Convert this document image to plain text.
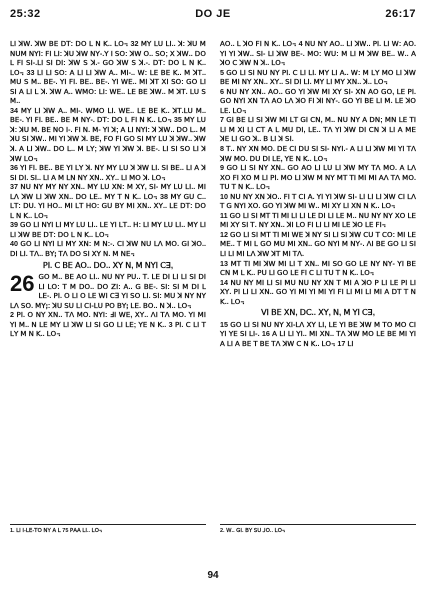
25:32	DO JE	26:17

ꓡꓲ ꓘꓪ. ꓘꓪ ꓐꓰ ꓓꓔ: ꓓꓳ ꓡ ꓠ ꓗ.. ꓡꓳ꓾ 32 ꓟꓬ ꓡꓴ ꓡꓲ.. ꓘ: ꓘꓴ ꓟ ꓠꓴꓟ ꓠꓬꓲ: ꓝꓲ ꓡꓲ: ꓘꓴ ꓘꓪ ꓠꓬ-.ꓬ ꓲ ꓢꓳ: ꓘꓪ ꓳ.. ꓢꓳ; ꓫ ꓘꓪ.. ꓓꓳ ꓡ ꓝꓲ ꓢꓲ-.ꓡꓲ ꓢꓲ ꓓꓲ: ꓘꓪ ꓢ ꓘ.- ꓖꓳ ꓘꓪ ꓢ ꓘ.-. ꓓꓔ: ꓓꓳ ꓡ ꓠ ꓗ.. ꓡꓳ꓾ 33 ꓡꓲ ꓡꓲ ꓢꓳ: ꓮ ꓡꓲ ꓡꓲ ꓘꓪ ꓮ.. ꓟꓲ-.. ꓪ: ꓡꓰ ꓐꓰ ꓗ.. ꓟ ꓘꓔ.. ꓟꓴ ꓢ ꓟ.. ꓐꓰ-. ꓬꓲ ꓝꓲ. ꓐꓰ.. ꓐꓰ-. ꓬꓲ ꓪꓰ.. ꓟꓲ ꓘꓔ ꓫꓲ ꓢꓳ: ꓖꓳ ꓡꓲ ꓢꓲ ꓮ ꓡꓲ ꓡ ꓘ. ꓘꓪ ꓮ.. ꓪꓟꓳ: ꓡꓲ: ꓪꓰ.. ꓡꓰ ꓐꓰ ꓘꓪ.. ꓟ ꓘꓔ. ꓡꓴ ꓢ ꓟ..

34 ꓟꓬ ꓡꓲ ꓘꓪ ꓮ.. ꓟꓲ-. ꓪꓟꓳ ꓡꓲ. ꓪꓰ.. ꓡꓰ ꓐꓰ ꓗ.. ꓘꓔ.ꓡꓴ ꓟ.. ꓐꓰ-. ꓬꓲ ꓝꓲ. ꓐꓰ.. ꓐꓰ ꓟ ꓠꓬ-. ꓓꓔ: ꓓꓳ ꓡ ꓝꓲ ꓠ ꓗ.. ꓡꓳ꓾ 35 ꓟꓬ ꓡꓴ ꓘ: ꓘꓴ ꓟ. ꓐꓰ ꓠꓳ ꓲ-. ꓝꓲ ꓠ. ꓟ- ꓬꓲ ꓘ; ꓮ ꓡꓲ ꓠꓬꓲ: ꓘ ꓘꓪ.. ꓓꓳ ꓡ.. ꓟ ꓘꓴ ꓢꓲ ꓘꓪ.. ꓟꓲ ꓬꓲ ꓘꓪ ꓘ. ꓐꓰ, ꓝꓳ ꓝꓲ ꓖꓳ ꓢꓲ ꓟꓬ ꓡꓴ ꓘ ꓘꓪ.. ꓘꓪ ꓘ. ꓮ ꓡꓲ ꓘꓪ.. ꓓꓳ ꓡ.. ꓟ ꓡꓬ; ꓘꓪ ꓬꓲ ꓘꓪ ꓘ. ꓐꓰ-. ꓡꓲ ꓢꓲ ꓢꓳ ꓡꓲ ꓘ ꓘꓪ ꓡꓳ꓾

36 ꓬꓲ ꓝꓲ. ꓐꓰ.. ꓐꓰ ꓬꓲ ꓡꓬ ꓘ. ꓠꓬ ꓟꓬ ꓡꓴ ꓘ ꓘꓪ ꓡꓲ. ꓢꓲ ꓐꓰ.. ꓡꓲ ꓮ ꓘ ꓢꓲ ꓓꓲ. ꓢꓲ.. ꓡꓲ ꓮ ꓟ ꓡꓠ ꓠꓬ ꓫꓠ.. ꓫꓬ.. ꓡꓲ ꓟꓳ ꓘ. ꓡꓳ꓾

37 ꓠꓴ ꓠꓬ ꓟꓬ ꓠꓬ ꓫꓠ.. ꓟꓬ ꓡꓴ ꓫꓠ: ꓟ ꓫꓬ, ꓢꓲ- ꓟꓬ ꓡꓴ ꓡꓲ.. ꓟꓲ ꓡꓥ ꓘꓪ ꓡꓲ ꓘꓪ ꓫꓠ.. ꓓꓳ ꓡꓰ.. ꓟꓬ ꓔ ꓠ ꓗ.. ꓡꓳ꓾ 38 ꓟꓬ ꓖꓴ ꓚ.. ꓡꓔ: ꓓꓴ. ꓬꓲ ꓧꓳ.. ꓟꓲ ꓡꓔ ꓧꓳ: ꓖꓴ ꓐꓬ ꓟꓲ ꓫꓠ.. ꓫꓬ.. ꓡꓰ ꓓꓔ: ꓓꓳ ꓡ ꓠ ꓗ.. ꓡꓳ꓾

39 ꓖꓳ ꓡꓲ ꓠꓬꓲ ꓡꓲ ꓟꓬ ꓡꓴ ꓡꓲ.. ꓡꓰ ꓬꓲ ꓡꓔ.. ꓧ: ꓡꓲ ꓟꓬ ꓡꓴ ꓡꓲ.. ꓟꓬ ꓡꓲ ꓡꓲ ꓘꓪ ꓐꓰ ꓓꓔ: ꓓꓳ ꓡ ꓠ ꓗ.. ꓡꓳ꓾

40 ꓖꓳ ꓡꓲ ꓠꓬꓲ ꓡꓲ ꓟꓬ ꓫꓠ: ꓟ ꓠ:-. ꓚꓲ ꓘꓪ ꓠꓴ ꓡꓥ ꓟꓳ. ꓖꓲ ꓘꓳ.. ꓓꓲ ꓡꓲ. ꓔꓥ.. ꓐꓬꓼ ꓔꓥ ꓓꓳ ꓢꓲ ꓫꓬ ꓠ. ꓟ ꓠꓰ꓾

ꓑꓲ. ꓚ ꓐꓰ ꓮꓳ.. ꓓꓳ.. ꓫꓬ ꓠ, ꓟ ꓠꓬꓲ ꓚꓱ,

26 ꓖꓳ ꓟ.. ꓐꓰ ꓮꓳ ꓡꓲ.. ꓠꓴ ꓠꓬ ꓑꓴ.. ꓔ. ꓡꓰ ꓓꓲ ꓡꓲ ꓡꓲ ꓢꓲ ꓓꓲ ꓡꓲ ꓡꓳ: ꓔ ꓟ ꓓꓳ.. ꓓꓳ ꓜꓲ: ꓮ.. ꓖ ꓐꓰ-. ꓢꓲ: ꓢꓲ ꓟ ꓓꓲ ꓡ ꓡꓰ-. ꓑꓲ. ꓳ ꓡꓲ ꓳ ꓡꓰ ꓪꓲ ꓚꓱ ꓬꓲ ꓢꓳ ꓡꓲ. ꓢꓲ: ꓟꓴ ꓘ ꓠꓬ ꓠꓬ ꓡꓥ ꓢꓳ. ꓟꓬꓼ: ꓘꓴ ꓢꓴ ꓡꓲ ꓚꓲ-ꓡꓴ ꓑꓳ ꓐꓬꓼ ꓡꓰ. ꓐꓳ.. ꓠ ꓘ.. ꓡꓳ꓾

2 ꓑꓲ. ꓳ ꓠꓬ ꓫꓠ.. ꓔꓥ ꓟꓳ. ꓠꓬꓲ: ꓞꓲ ꓪꓰ, ꓫꓬ.. ꓥꓲ ꓔꓥ ꓟꓳ. ꓬꓲ ꓟꓲ ꓬꓲ ꓟ.. ꓠ ꓡꓰ ꓟꓬ ꓡꓲ ꓘꓪ ꓡꓲ ꓢꓲ ꓖꓳ ꓡꓲ ꓡꓰ; ꓬꓰ ꓠ ꓗ.. 3 ꓑꓲ. ꓚ ꓡꓲ ꓔ ꓡꓬ ꓟ ꓠ ꓗ.. ꓡꓳ꓾

ꓮꓳ.. ꓡ ꓘꓳ ꓝꓲ ꓠ ꓗ.. ꓡꓳ꓾ 4 ꓠꓴ ꓠꓬ ꓮꓳ.. ꓡꓲ ꓘꓪ.. ꓑꓲ. ꓡꓲ ꓪ: ꓮꓳ. ꓬꓲ ꓬꓲ ꓘꓪ.. ꓢꓲ- ꓡꓲ ꓘꓪ ꓐꓰ-. ꓟꓳ: ꓪꓴ: ꓟ ꓡꓲ ꓟ ꓘꓪ ꓐꓰ.. ꓪ.. ꓮ ꓘꓳ ꓚ ꓘꓪ ꓠ ꓘ.. ꓡꓳ꓾

5 ꓖꓳ ꓡꓲ ꓢꓲ ꓠꓴ ꓠꓬ ꓑꓲ. ꓚ ꓡꓲ ꓡꓲ. ꓟꓬ ꓡꓲ ꓮ.. ꓪ: ꓟ ꓡꓬ ꓟꓳ ꓡꓲ ꓘꓪ ꓐꓰ ꓟꓲ ꓠꓬ ꓫꓠ.. ꓫꓬ.. ꓢꓲ ꓓꓲ ꓡꓲ. ꓟꓬ ꓡꓲ ꓟꓬ ꓫꓠ.. ꓘ.. ꓡꓳ꓾

6 ꓠꓴ ꓠꓬ ꓫꓠ.. ꓮꓳ.. ꓖꓳ ꓬꓲ ꓘꓪ ꓟꓲ ꓫꓬ ꓢꓲ- ꓫꓠ ꓮꓳ ꓖꓳ, ꓡꓰ ꓑꓲ. ꓖꓳ ꓠꓬꓲ ꓫꓠ ꓔꓥ ꓮꓳ ꓡꓥ ꓘꓳ ꓝꓲ ꓘꓲ ꓠꓬ-. ꓖꓳ ꓬꓲ ꓐꓰ ꓡꓲ ꓟ. ꓡꓰ ꓘꓳ ꓡꓰ. ꓡꓳ꓾

7 ꓖꓲ ꓐꓰ ꓡꓲ ꓢꓲ ꓘꓪ ꓟꓲ ꓡꓔ ꓖꓲ ꓚꓠ, ꓟ.. ꓠꓴ ꓠꓬ ꓮ ꓓꓠ; ꓟꓠ ꓡꓰ ꓔꓲ ꓡꓲ ꓟ ꓫꓲ ꓡꓲ ꓚꓔ ꓮ ꓡ ꓟꓴ ꓓꓲ, ꓡꓰ.. ꓔꓥ ꓬꓲ ꓘꓪ ꓓꓲ ꓚꓠ ꓘ ꓡꓲ ꓮ ꓟꓰ ꓘꓰ ꓡꓲ ꓖꓳ ꓘ.. ꓐ ꓡꓲ ꓘ ꓢꓲ.

8 ꓔ.. ꓠꓬ ꓫꓠ ꓟꓳ. ꓓꓰ ꓚꓲ ꓓꓴ ꓢꓲ ꓢꓲ- ꓠꓬꓲ.- ꓮ ꓡꓲ ꓡꓲ ꓘꓪ ꓟꓲ ꓬꓲ ꓔꓥ ꓘꓪ ꓟꓳ. ꓓꓴ ꓓꓲ ꓡꓰ, ꓬꓰ ꓠ ꓗ.. ꓡꓳ꓾

9 ꓖꓳ ꓡꓲ ꓢꓲ ꓠꓬ ꓫꓠ.. ꓖꓳ ꓮꓳ ꓡꓲ ꓡꓴ ꓡꓲ ꓘꓪ ꓟꓬ ꓔꓥ ꓟꓳ. ꓮ ꓡꓥ ꓫꓳ ꓝꓲ ꓫꓳ ꓟ ꓡꓲ ꓑꓲ. ꓟꓳ ꓡꓲ ꓘꓪ ꓟ ꓠꓬ ꓟꓔ ꓔꓲ ꓟꓲ ꓟꓲ ꓮꓥ ꓔꓥ ꓟꓳ. ꓔꓴ ꓔ ꓠ ꓗ.. ꓡꓳ꓾

10 ꓠꓴ ꓠꓬ ꓫꓠ ꓘꓳ.. ꓝꓲ ꓔ ꓚꓲ ꓮ. ꓬꓲ ꓬꓲ ꓘꓪ ꓢꓲ- ꓡꓲ ꓡꓲ ꓡꓲ ꓘꓪ ꓚꓲ ꓡꓥ ꓔ ꓖ ꓠꓬꓲ ꓫꓳ. ꓖꓳ ꓬꓲ ꓘꓪ ꓟꓲ ꓪ.. ꓟꓲ ꓫꓬ ꓡꓲ ꓫꓠ ꓠ ꓗ.. ꓡꓳ꓾

11 ꓖꓳ ꓡꓲ ꓢꓲ ꓟꓔ ꓔꓲ ꓟꓲ ꓡꓲ ꓡꓲ ꓡꓰ ꓓꓲ ꓡꓲ ꓡꓰ ꓟ.. ꓠꓴ ꓠꓬ ꓠꓬ ꓫꓳ ꓡꓰ ꓟꓲ ꓫꓬ ꓢꓲ ꓔ. ꓠꓬ ꓫꓠ.. ꓘꓲ ꓡꓳ ꓝꓲ ꓡꓲ ꓡꓲ ꓟꓲ ꓡꓰ ꓘꓳ ꓡꓰ ꓝꓲ꓾

12 ꓖꓳ ꓡꓲ ꓢꓲ ꓟꓔ ꓔꓲ ꓟꓲ ꓪꓰ ꓘ ꓠꓬ ꓢꓲ ꓡꓲ ꓢꓲ ꓘꓪ ꓚꓴ ꓔ ꓚꓳ: ꓟꓲ ꓡꓰ ꓟꓰ.. ꓔ ꓟꓲ ꓡ ꓖꓳ ꓟꓴ ꓟꓲ ꓫꓠ.. ꓖꓳ ꓠꓬꓲ ꓟ ꓠꓬ-. ꓥꓲ ꓐꓰ ꓖꓳ ꓡꓲ ꓢꓲ ꓡꓲ ꓡꓲ ꓟꓲ ꓡꓥ ꓘꓪ ꓘꓔ ꓟꓲ ꓔꓥ.

13 ꓟꓔ ꓔꓲ ꓟꓲ ꓘꓪ ꓟꓲ ꓡꓲ ꓔ ꓫꓠ.. ꓟꓲ ꓢꓳ ꓖꓳ ꓡꓰ ꓠꓬ ꓠꓬ- ꓬꓲ ꓐꓰ ꓚꓠ ꓟ ꓡ ꓗ.. ꓑꓴ ꓡꓲ ꓖꓳ ꓡꓰ ꓝꓲ ꓚ ꓡꓲ ꓔꓴ ꓔ ꓠ ꓗ.. ꓡꓳ꓾

14 ꓠꓴ ꓠꓬ ꓟꓲ ꓡꓲ ꓢꓲ ꓟꓴ ꓠꓴ ꓠꓬ ꓫꓠ ꓔ ꓟꓲ ꓮ ꓘꓳ ꓑ ꓡꓲ ꓡꓰ ꓑꓲ ꓡꓲ ꓫꓬ. ꓑꓲ ꓡꓲ ꓡꓲ ꓫꓠ.. ꓖꓳ ꓬꓲ ꓟꓲ ꓬꓲ ꓟꓲ ꓬꓲ ꓝꓲ ꓡꓲ ꓟꓲ ꓡꓲ ꓟꓲ ꓮ ꓓꓔ ꓔ ꓠ ꓗ.. ꓡꓳ꓾

ꓦꓲ ꓐꓰ ꓫꓠ, ꓓꓚ.. ꓫꓬ, ꓠ, ꓟ ꓬꓲ ꓚꓱ,

15 ꓖꓳ ꓡꓲ ꓢꓲ ꓠꓴ ꓠꓬ ꓫꓲ-ꓡꓥ ꓫꓬ ꓡꓲ, ꓡꓰ ꓬꓲ ꓐꓰ ꓘꓪ ꓟ ꓔꓳ ꓟꓳ ꓚꓲ ꓬꓲ ꓬꓰ ꓢꓲ ꓡꓲ-. 16 ꓮ ꓡꓲ ꓡꓲ ꓬꓲ.. ꓟꓲ ꓫꓠ.. ꓔꓥ ꓘꓪ ꓟꓳ ꓡꓰ ꓐꓰ ꓟꓲ ꓬꓲ ꓮ ꓡꓲ ꓮ ꓐꓰ ꓔ ꓐꓰ ꓔꓥ ꓘꓪ ꓚ ꓠ ꓗ.. ꓡꓳ꓾ 17 ꓡꓲ

1. ꓡꓲ ꓲ-ꓡꓰ-ꓔꓳ ꓠꓬ ꓮ ꓡ 75 ꓑꓮꓮ ꓡꓲ.. ꓡꓳ꓾	2. ꓪ.. ꓖꓲ. ꓐꓬ ꓢꓴ ꓙꓳ.. ꓡꓳ꓾
94
